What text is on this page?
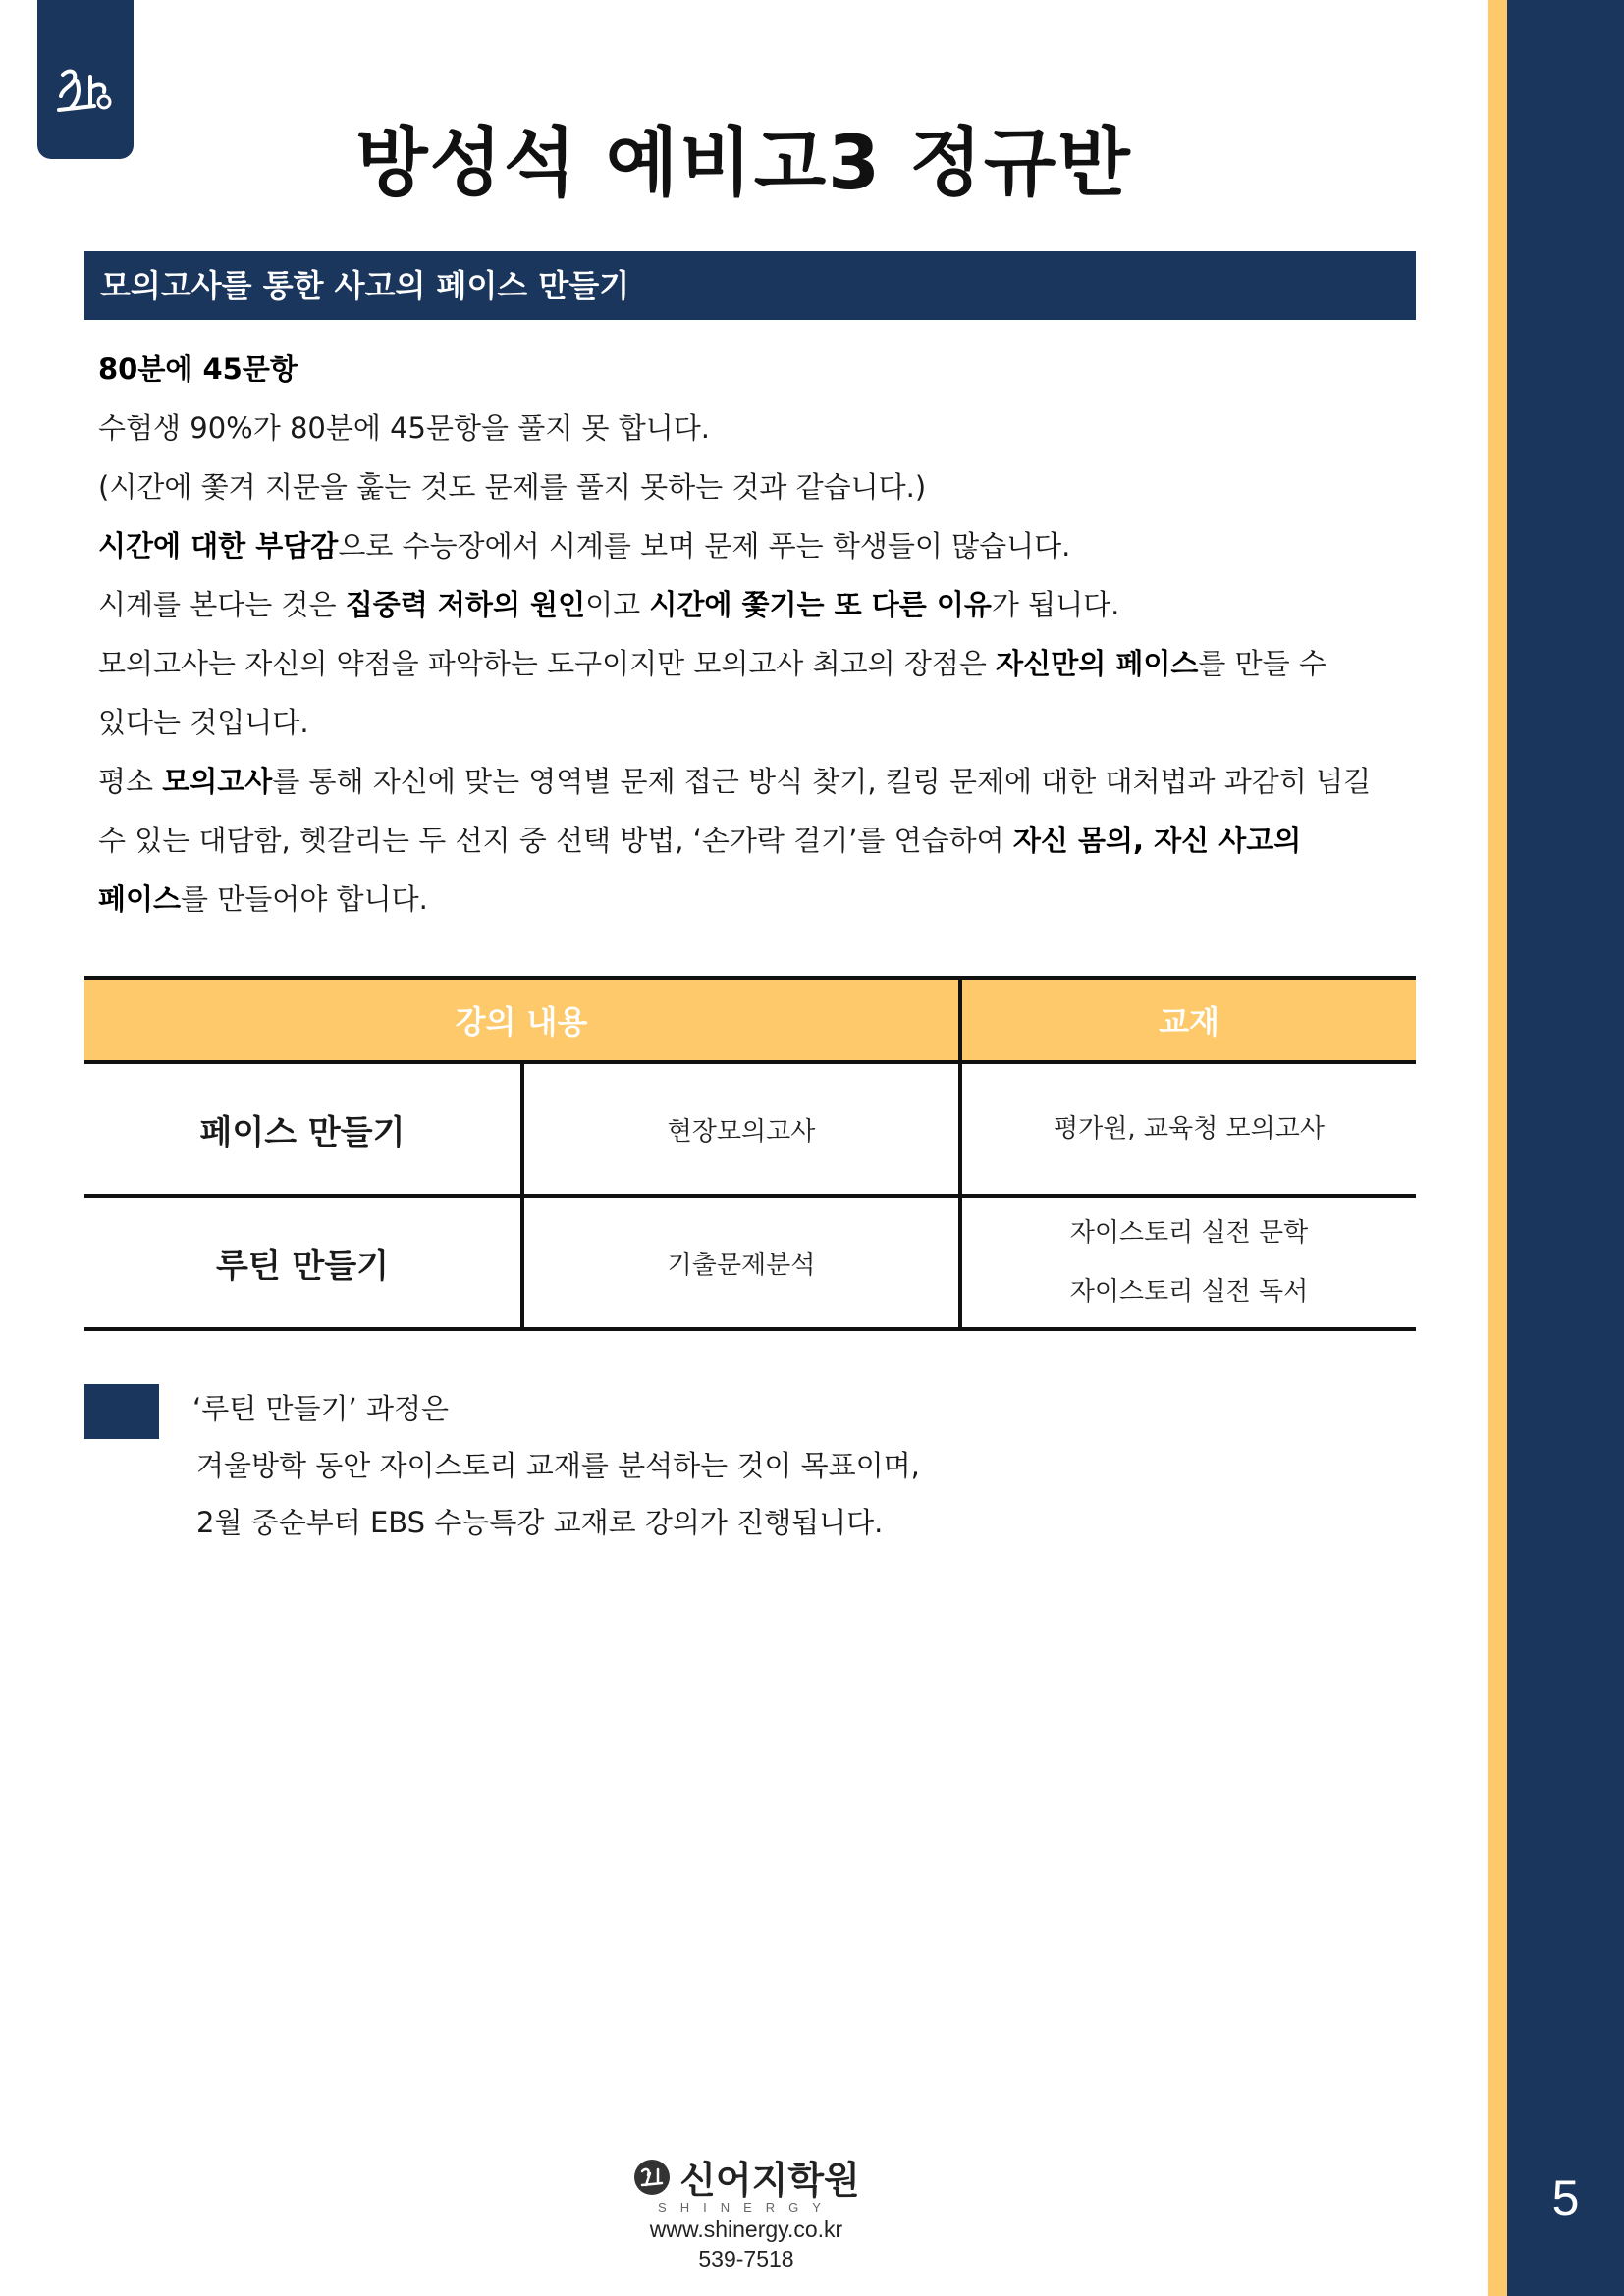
5
방성석 예비고3 정규반
모의고사를 통한 사고의 페이스 만들기

80분에 45문항

수험생 90%가 80분에 45문항을 풀지 못 합니다.

(시간에 쫓겨 지문을 훑는 것도 문제를 풀지 못하는 것과 같습니다.)

시간에 대한 부담감으로 수능장에서 시계를 보며 문제 푸는 학생들이 많습니다.

시계를 본다는 것은 집중력 저하의 원인이고 시간에 쫓기는 또 다른 이유가 됩니다.

모의고사는 자신의 약점을 파악하는 도구이지만 모의고사 최고의 장점은 자신만의 페이스를 만들 수

있다는 것입니다.

평소 모의고사를 통해 자신에 맞는 영역별 문제 접근 방식 찾기, 킬링 문제에 대한 대처법과 과감히 넘길

수 있는 대담함, 헷갈리는 두 선지 중 선택 방법, ‘손가락 걸기’를 연습하여 자신 몸의, 자신 사고의

페이스를 만들어야 합니다.

강의 내용		교재
페이스 만들기	현장모의고사	평가원, 교육청 모의고사

루틴 만들기	기출문제분석	자이스토리 실전 문학
자이스토리 실전 독서

‘루틴 만들기’ 과정은

겨울방학 동안 자이스토리 교재를 분석하는 것이 목표이며,

2월 중순부터 EBS 수능특강 교재로 강의가 진행됩니다.

신어지학원
SHINERGY
www.shinergy.co.kr
539-7518
